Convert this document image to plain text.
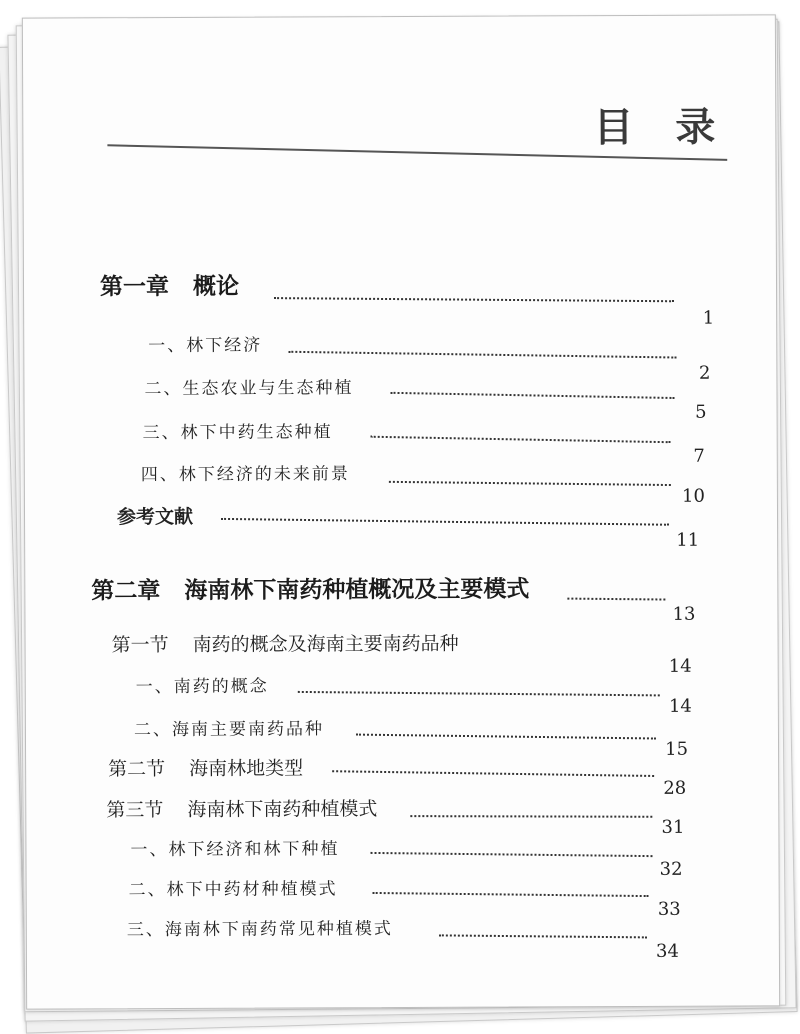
目 录
第一章 概论
1
一、林下经济
2
二、生态农业与生态种植
5
三、林下中药生态种植
7
四、林下经济的未来前景
10
参考文献
11
第二章 海南林下南药种植概况及主要模式
13
第一节 南药的概念及海南主要南药品种
14
一、南药的概念
14
二、海南主要南药品种
15
第二节 海南林地类型
28
第三节 海南林下南药种植模式
31
一、林下经济和林下种植
32
二、林下中药材种植模式
33
三、海南林下南药常见种植模式
34
